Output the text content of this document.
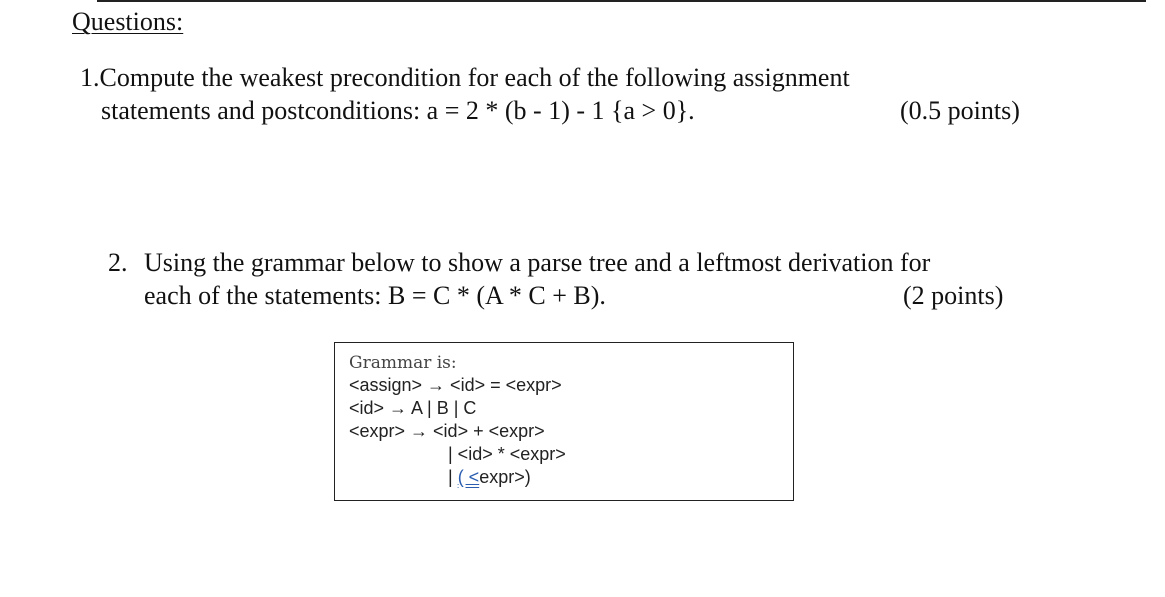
Questions:
1.Compute the weakest precondition for each of the following assignment
statements and postconditions: a = 2 * (b - 1) - 1 {a > 0}.	(0.5 points)
2. Using the grammar below to show a parse tree and a leftmost derivation for
each of the statements: B = C * (A * C + B).	(2 points)
Grammar is:
<assign> → <id> = <expr>
<id> → A | B | C
<expr> → <id> + <expr>
| <id> * <expr>
| ( <expr>)
